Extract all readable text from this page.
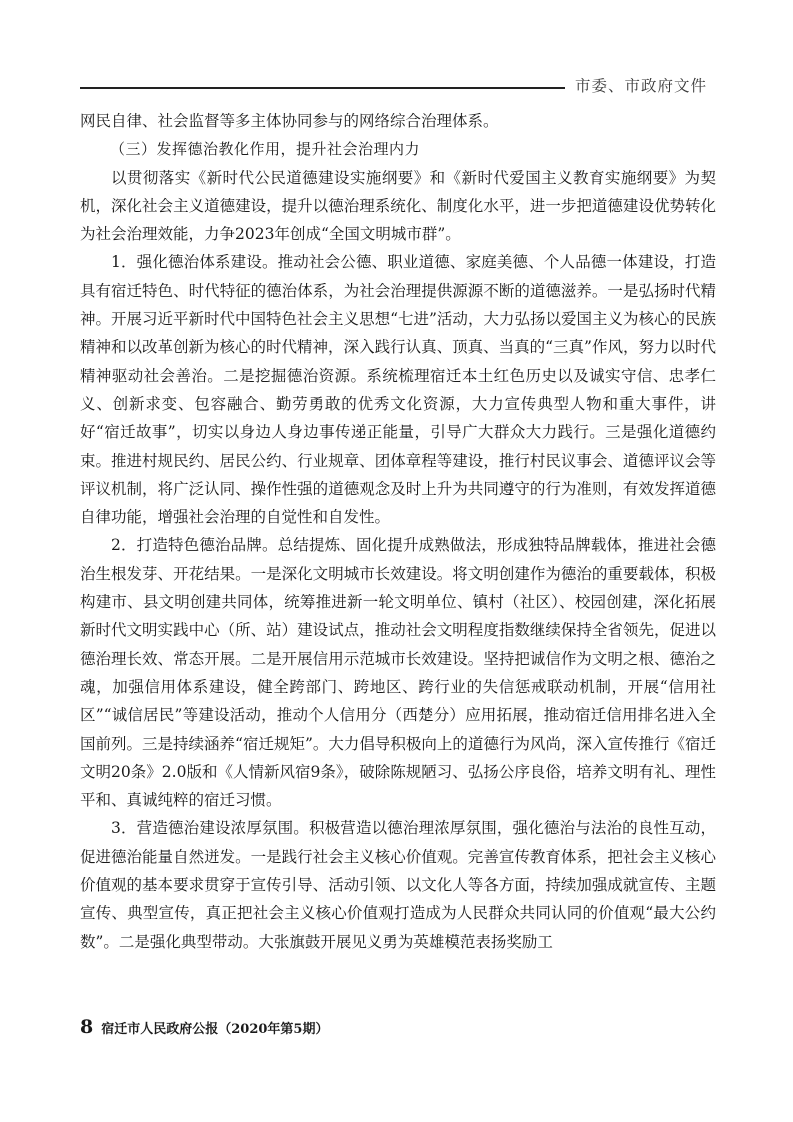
市委、市政府文件

网民自律、社会监督等多主体协同参与的网络综合治理体系。

（三）发挥德治教化作用，提升社会治理内力

以贯彻落实《新时代公民道德建设实施纲要》和《新时代爱国主义教育实施纲要》为契机，深化社会主义道德建设，提升以德治理系统化、制度化水平，进一步把道德建设优势转化为社会治理效能，力争2023年创成“全国文明城市群”。

1．强化德治体系建设。推动社会公德、职业道德、家庭美德、个人品德一体建设，打造具有宿迁特色、时代特征的德治体系，为社会治理提供源源不断的道德滋养。一是弘扬时代精神。开展习近平新时代中国特色社会主义思想“七进”活动，大力弘扬以爱国主义为核心的民族精神和以改革创新为核心的时代精神，深入践行认真、顶真、当真的“三真”作风，努力以时代精神驱动社会善治。二是挖掘德治资源。系统梳理宿迁本土红色历史以及诚实守信、忠孝仁义、创新求变、包容融合、勤劳勇敢的优秀文化资源，大力宣传典型人物和重大事件，讲好“宿迁故事”，切实以身边人身边事传递正能量，引导广大群众大力践行。三是强化道德约束。推进村规民约、居民公约、行业规章、团体章程等建设，推行村民议事会、道德评议会等评议机制，将广泛认同、操作性强的道德观念及时上升为共同遵守的行为准则，有效发挥道德自律功能，增强社会治理的自觉性和自发性。

2．打造特色德治品牌。总结提炼、固化提升成熟做法，形成独特品牌载体，推进社会德治生根发芽、开花结果。一是深化文明城市长效建设。将文明创建作为德治的重要载体，积极构建市、县文明创建共同体，统筹推进新一轮文明单位、镇村（社区）、校园创建，深化拓展新时代文明实践中心（所、站）建设试点，推动社会文明程度指数继续保持全省领先，促进以德治理长效、常态开展。二是开展信用示范城市长效建设。坚持把诚信作为文明之根、德治之魂，加强信用体系建设，健全跨部门、跨地区、跨行业的失信惩戒联动机制，开展“信用社区”“诚信居民”等建设活动，推动个人信用分（西楚分）应用拓展，推动宿迁信用排名进入全国前列。三是持续涵养“宿迁规矩”。大力倡导积极向上的道德行为风尚，深入宣传推行《宿迁文明20条》2.0版和《人情新风宿9条》，破除陈规陋习、弘扬公序良俗，培养文明有礼、理性平和、真诚纯粹的宿迁习惯。

3．营造德治建设浓厚氛围。积极营造以德治理浓厚氛围，强化德治与法治的良性互动，促进德治能量自然迸发。一是践行社会主义核心价值观。完善宣传教育体系，把社会主义核心价值观的基本要求贯穿于宣传引导、活动引领、以文化人等各方面，持续加强成就宣传、主题宣传、典型宣传，真正把社会主义核心价值观打造成为人民群众共同认同的价值观“最大公约数”。二是强化典型带动。大张旗鼓开展见义勇为英雄模范表扬奖励工

8 宿迁市人民政府公报（2020年第5期）
